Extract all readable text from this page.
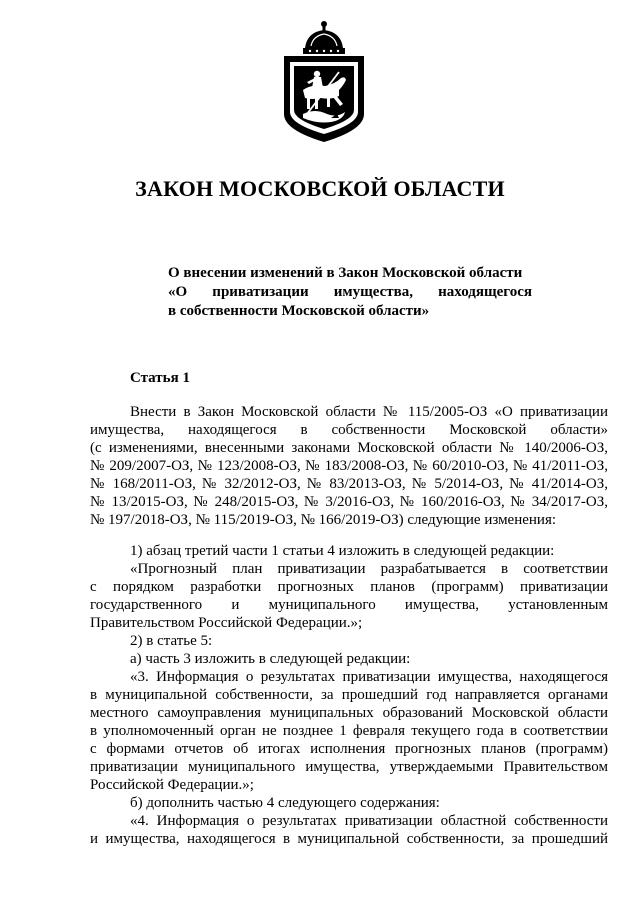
ЗАКОН МОСКОВСКОЙ ОБЛАСТИ
О внесении изменений в Закон Московской области
«О приватизации имущества, находящегося
в собственности Московской области»
Статья 1
Внести в Закон Московской области № 115/2005-ОЗ «О приватизации
имущества, находящегося в собственности Московской области»
(с изменениями, внесенными законами Московской области № 140/2006-ОЗ,
№ 209/2007-ОЗ, № 123/2008-ОЗ, № 183/2008-ОЗ, № 60/2010-ОЗ, № 41/2011-ОЗ,
№ 168/2011-ОЗ, № 32/2012-ОЗ, № 83/2013-ОЗ, № 5/2014-ОЗ, № 41/2014-ОЗ,
№ 13/2015-ОЗ, № 248/2015-ОЗ, № 3/2016-ОЗ, № 160/2016-ОЗ, № 34/2017-ОЗ,
№ 197/2018-ОЗ, № 115/2019-ОЗ, № 166/2019-ОЗ) следующие изменения:
1) абзац третий части 1 статьи 4 изложить в следующей редакции:
«Прогнозный план приватизации разрабатывается в соответствии
с порядком разработки прогнозных планов (программ) приватизации
государственного и муниципального имущества, установленным
Правительством Российской Федерации.»;
2) в статье 5:
а) часть 3 изложить в следующей редакции:
«3. Информация о результатах приватизации имущества, находящегося
в муниципальной собственности, за прошедший год направляется органами
местного самоуправления муниципальных образований Московской области
в уполномоченный орган не позднее 1 февраля текущего года в соответствии
с формами отчетов об итогах исполнения прогнозных планов (программ)
приватизации муниципального имущества, утверждаемыми Правительством
Российской Федерации.»;
б) дополнить частью 4 следующего содержания:
«4. Информация о результатах приватизации областной собственности
и имущества, находящегося в муниципальной собственности, за прошедший
